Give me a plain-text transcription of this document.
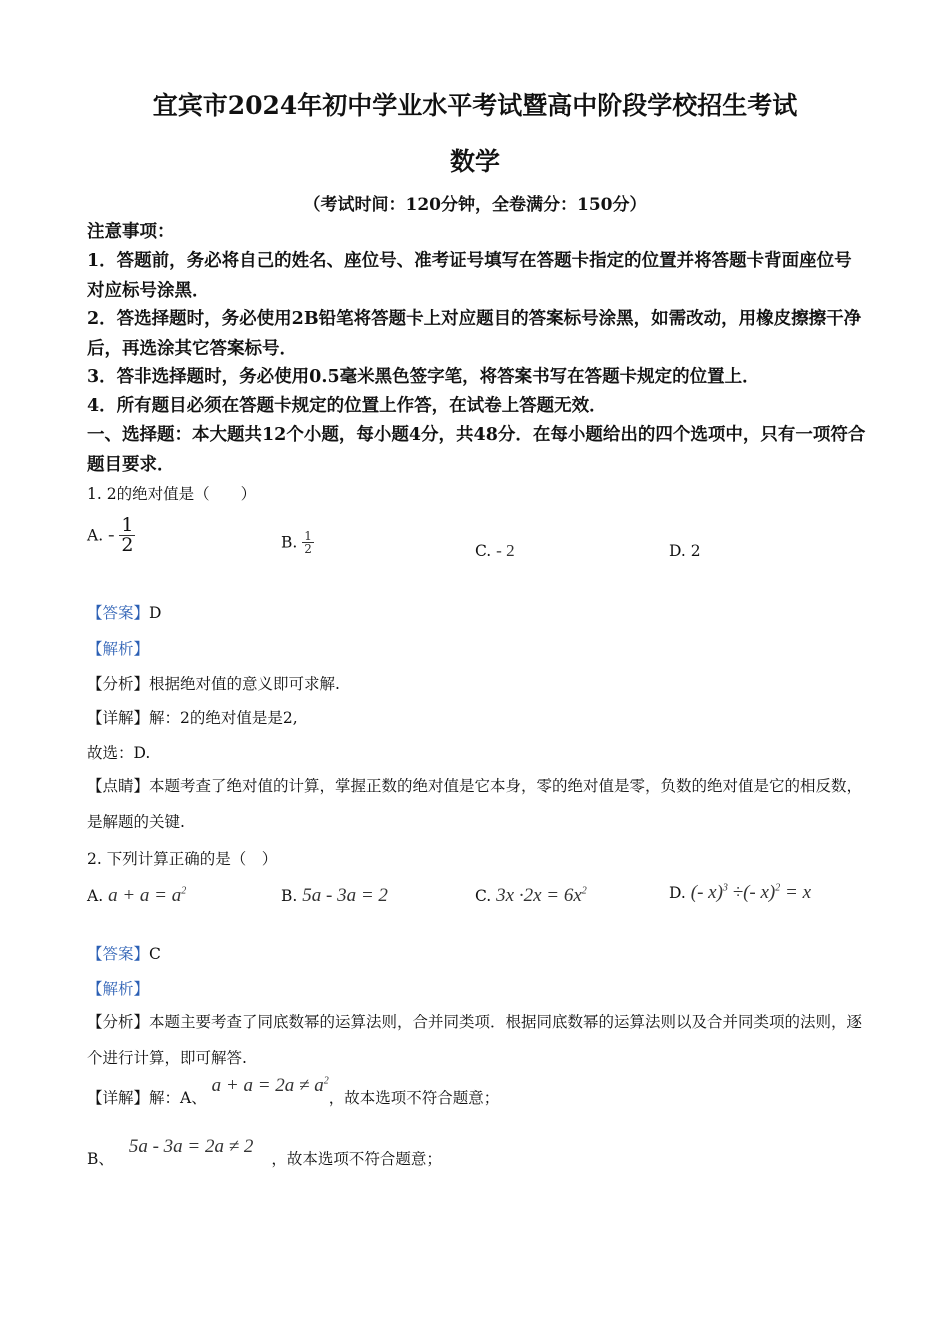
宜宾市2024年初中学业水平考试暨高中阶段学校招生考试
数学
（考试时间：120分钟，全卷满分：150分）
注意事项：
1．答题前，务必将自己的姓名、座位号、准考证号填写在答题卡指定的位置并将答题卡背面座位号对应标号涂黑．
2．答选择题时，务必使用2B铅笔将答题卡上对应题目的答案标号涂黑，如需改动，用橡皮擦擦干净后，再选涂其它答案标号．
3．答非选择题时，务必使用0.5毫米黑色签字笔，将答案书写在答题卡规定的位置上．
4．所有题目必须在答题卡规定的位置上作答，在试卷上答题无效．
一、选择题：本大题共12个小题，每小题4分，共48分．在每小题给出的四个选项中，只有一项符合题目要求．
1. 2的绝对值是（　　）
A. - $\frac{1}{2}$	B. $\frac{1}{2}$	C. - 2	D. 2
【答案】D
【解析】
【分析】根据绝对值的意义即可求解.
【详解】解：2的绝对值是是2,
故选：D.
【点睛】本题考查了绝对值的计算，掌握正数的绝对值是它本身，零的绝对值是零，负数的绝对值是它的相反数，是解题的关键.
2. 下列计算正确的是（　）
A. $a + a = a^2$	B. 5a - 3a = 2	C. $3x \cdot 2x = 6x^2$	D. (- x)$^3$ ÷(- x)$^2$ = x
【答案】C
【解析】
【分析】本题主要考查了同底数幂的运算法则，合并同类项．根据同底数幂的运算法则以及合并同类项的法则，逐个进行计算，即可解答.
【详解】解：A、 $a + a = 2a \ne a^2$，故本选项不符合题意；
B、 5a - 3a = 2a ≠ 2，故本选项不符合题意；
